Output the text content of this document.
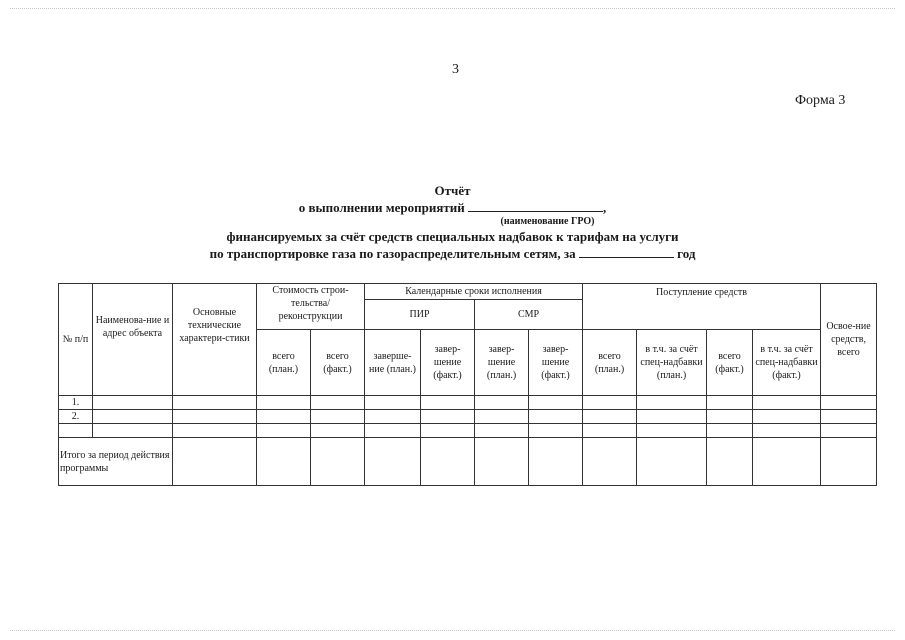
3
Форма 3
Отчёт
о выполнении мероприятий	,
(наименование ГРО)
финансируемых за счёт средств специальных надбавок к тарифам на услуги
по транспортировке газа по газораспределительным сетям, за	год
№ п/п	Наименова-ние и адрес объекта	Основные технические характери-стики	Стоимость строи-тельства/ реконструкции		Календарные сроки исполнения				Поступление средств				Освое-ние средств, всего
					ПИР		СМР						
			всего (план.)	всего (факт.)	заверше-ние (план.)	завер-шение (факт.)	завер-шение (план.)	завер-шение (факт.)	всего (план.)	в т.ч. за счёт спец-надбавки (план.)	всего (факт.)	в т.ч. за счёт спец-надбавки (факт.)	
1.													
2.													

Итого за период действия программы													
